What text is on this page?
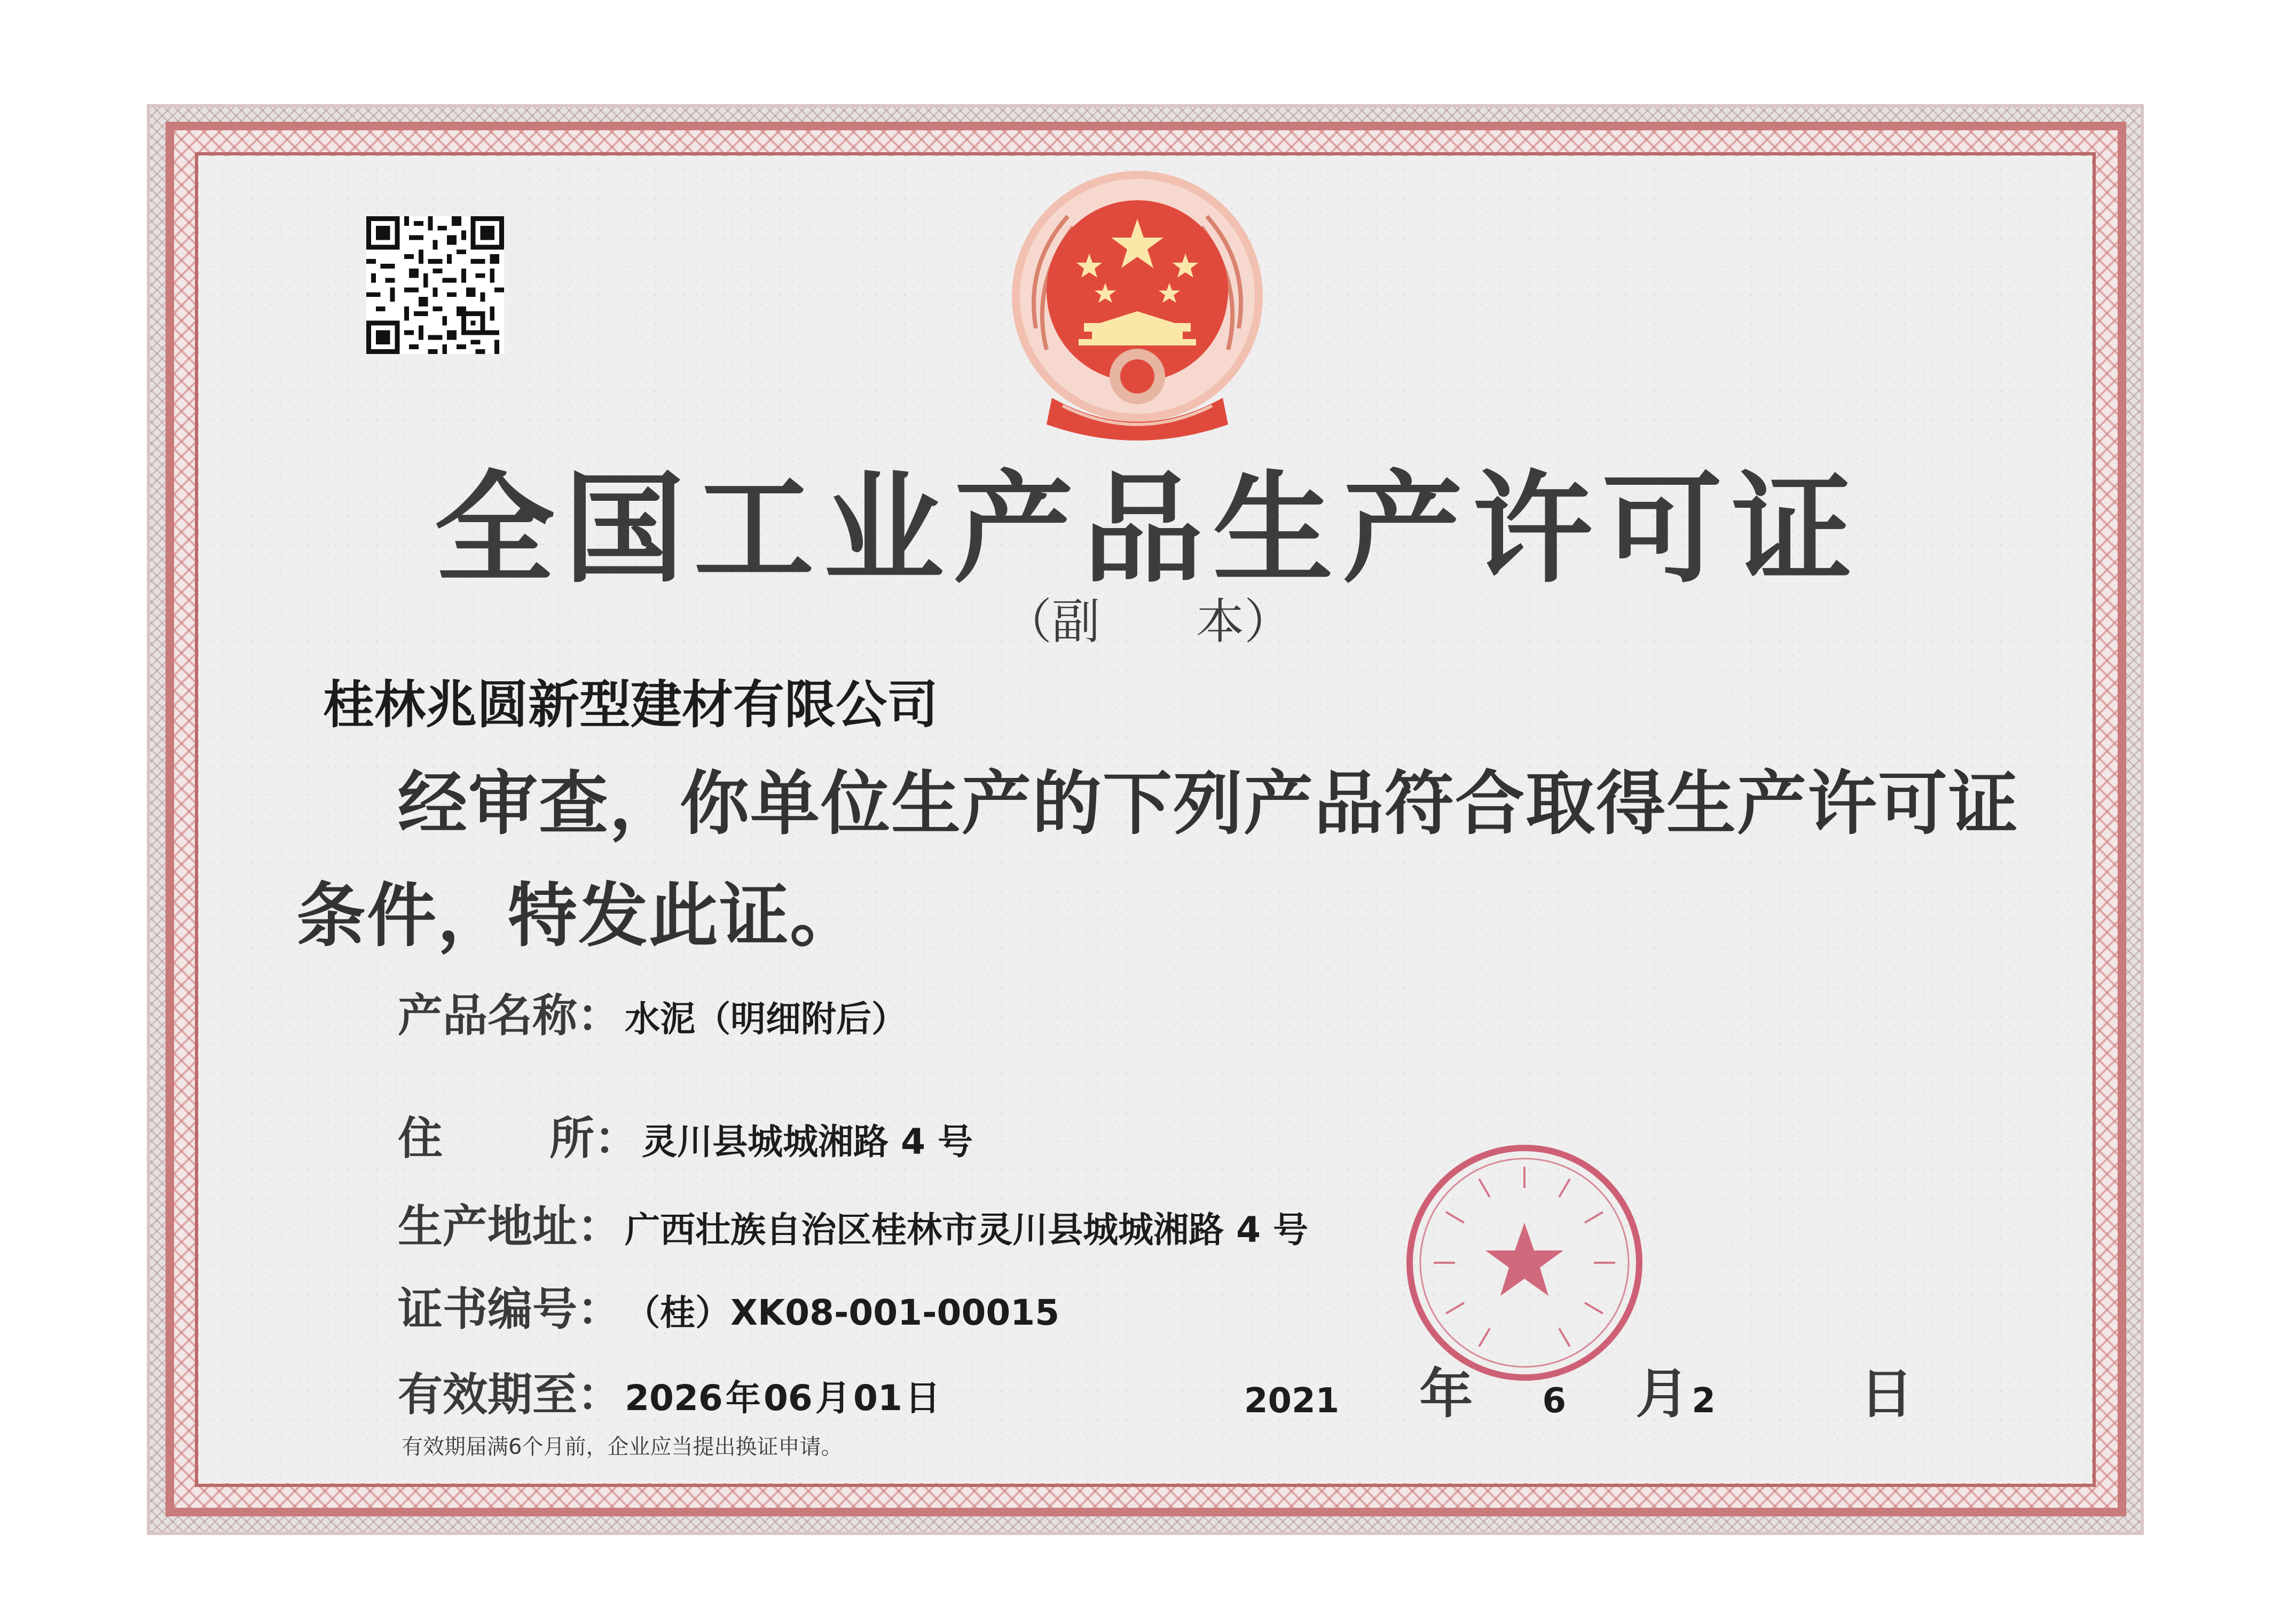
全国工业产品生产许可证
（副　　本）
桂林兆圆新型建材有限公司
经审查，你单位生产的下列产品符合取得生产许可证
条件，特发此证。
产品名称： 水泥（明细附后）
住 所： 灵川县城城湘路 4 号
生产地址： 广西壮族自治区桂林市灵川县城城湘路 4 号
证书编号： （桂）XK08-001-00015
有效期至： 2026 年 06 月 01 日	2021 年 6 月 2	日
有效期届满6个月前，企业应当提出换证申请。
